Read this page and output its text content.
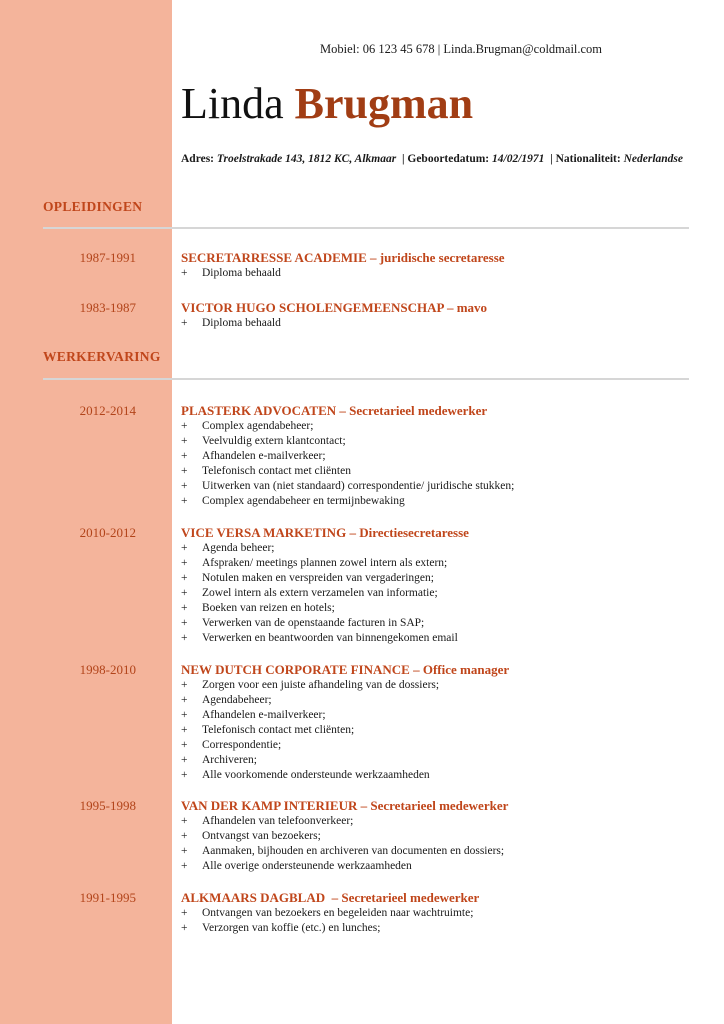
Mobiel: 06 123 45 678 | Linda.Brugman@coldmail.com
Linda Brugman
Adres: Troelstrakade 143, 1812 KC, Alkmaar  | Geboortedatum: 14/02/1971  | Nationaliteit: Nederlandse
OPLEIDINGEN
1987-1991	SECRETARRESSE ACADEMIE – juridische secretaresse
+ Diploma behaald
1983-1987	VICTOR HUGO SCHOLENGEMEENSCHAP – mavo
+ Diploma behaald
WERKERVARING
2012-2014	PLASTERK ADVOCATEN – Secretarieel medewerker
+ Complex agendabeheer;
+ Veelvuldig extern klantcontact;
+ Afhandelen e-mailverkeer;
+ Telefonisch contact met cliënten
+ Uitwerken van (niet standaard) correspondentie/ juridische stukken;
+ Complex agendabeheer en termijnbewaking
2010-2012	VICE VERSA MARKETING – Directiesecretaresse
+ Agenda beheer;
+ Afspraken/ meetings plannen zowel intern als extern;
+ Notulen maken en verspreiden van vergaderingen;
+ Zowel intern als extern verzamelen van informatie;
+ Boeken van reizen en hotels;
+ Verwerken van de openstaande facturen in SAP;
+ Verwerken en beantwoorden van binnengekomen email
1998-2010	NEW DUTCH CORPORATE FINANCE – Office manager
+ Zorgen voor een juiste afhandeling van de dossiers;
+ Agendabeheer;
+ Afhandelen e-mailverkeer;
+ Telefonisch contact met cliënten;
+ Correspondentie;
+ Archiveren;
+ Alle voorkomende ondersteunde werkzaamheden
1995-1998	VAN DER KAMP INTERIEUR – Secretarieel medewerker
+ Afhandelen van telefoonverkeer;
+ Ontvangst van bezoekers;
+ Aanmaken, bijhouden en archiveren van documenten en dossiers;
+ Alle overige ondersteunende werkzaamheden
1991-1995	ALKMAARS DAGBLAD  – Secretarieel medewerker
+ Ontvangen van bezoekers en begeleiden naar wachtruimte;
+ Verzorgen van koffie (etc.) en lunches;
